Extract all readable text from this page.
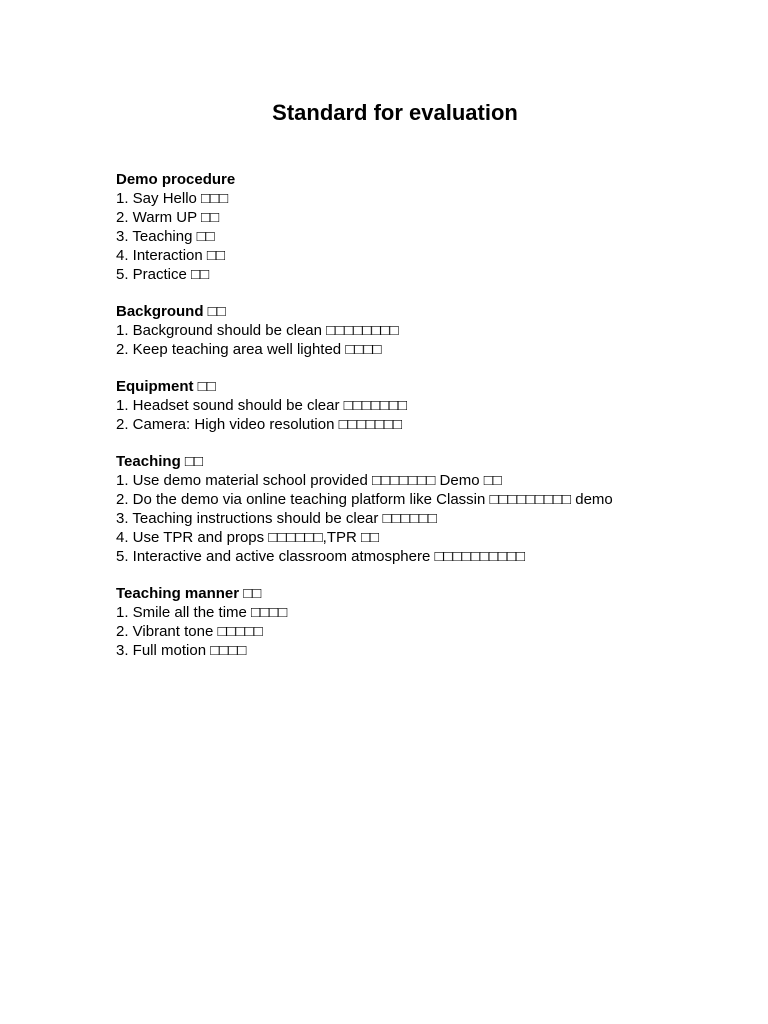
Standard for evaluation

Demo procedure

1. Say Hello □□□

2. Warm UP □□

3. Teaching □□

4. Interaction □□

5. Practice □□

Background □□

1. Background should be clean □□□□□□□□

2. Keep teaching area well lighted □□□□

Equipment □□

1. Headset sound should be clear □□□□□□□

2. Camera: High video resolution □□□□□□□

Teaching □□

1. Use demo material school provided □□□□□□□ Demo □□

2. Do the demo via online teaching platform like Classin □□□□□□□□□ demo

3. Teaching instructions should be clear □□□□□□

4. Use TPR and props □□□□□□,TPR □□

5. Interactive and active classroom atmosphere □□□□□□□□□□

Teaching manner □□

1. Smile all the time □□□□

2. Vibrant tone □□□□□

3. Full motion □□□□
